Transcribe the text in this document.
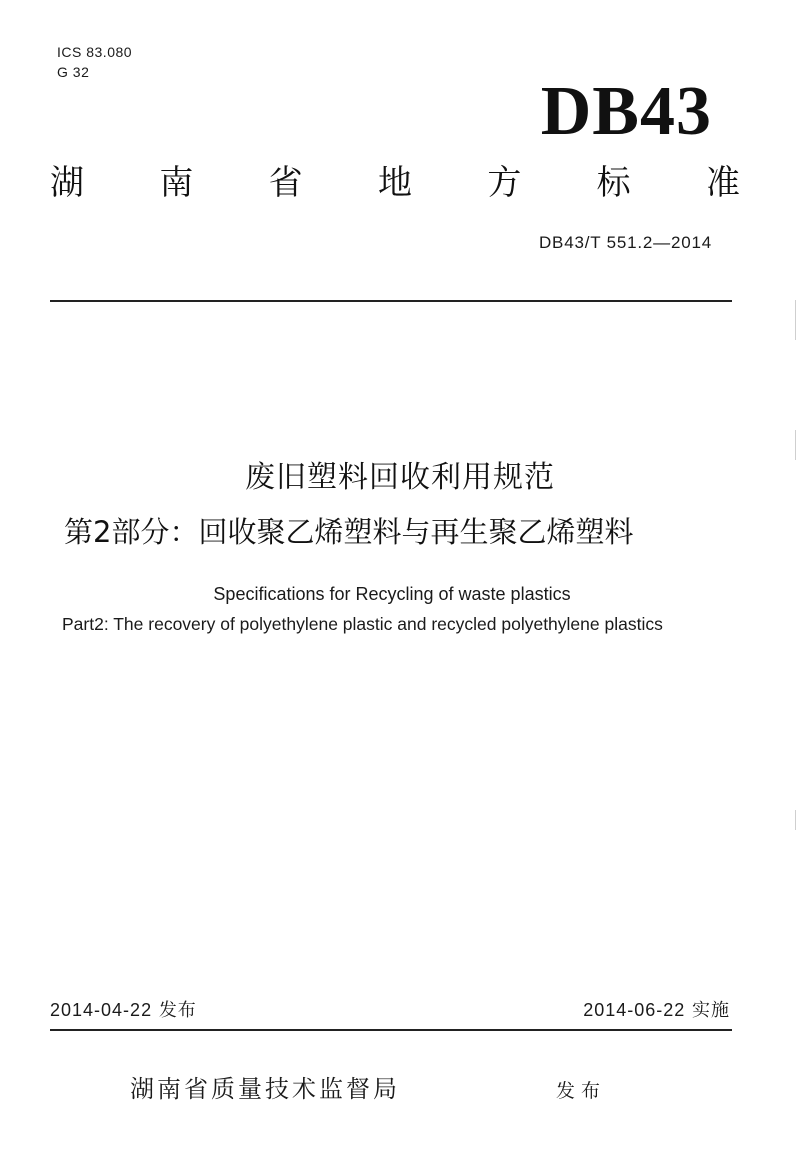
ICS 83.080
G 32
DB43
湖 南 省 地 方 标 准
DB43/T 551.2—2014
废旧塑料回收利用规范
第2部分：回收聚乙烯塑料与再生聚乙烯塑料
Specifications for Recycling of waste plastics
Part2: The recovery of polyethylene plastic and recycled polyethylene plastics
2014-04-22 发布	2014-06-22 实施
湖南省质量技术监督局	发布
